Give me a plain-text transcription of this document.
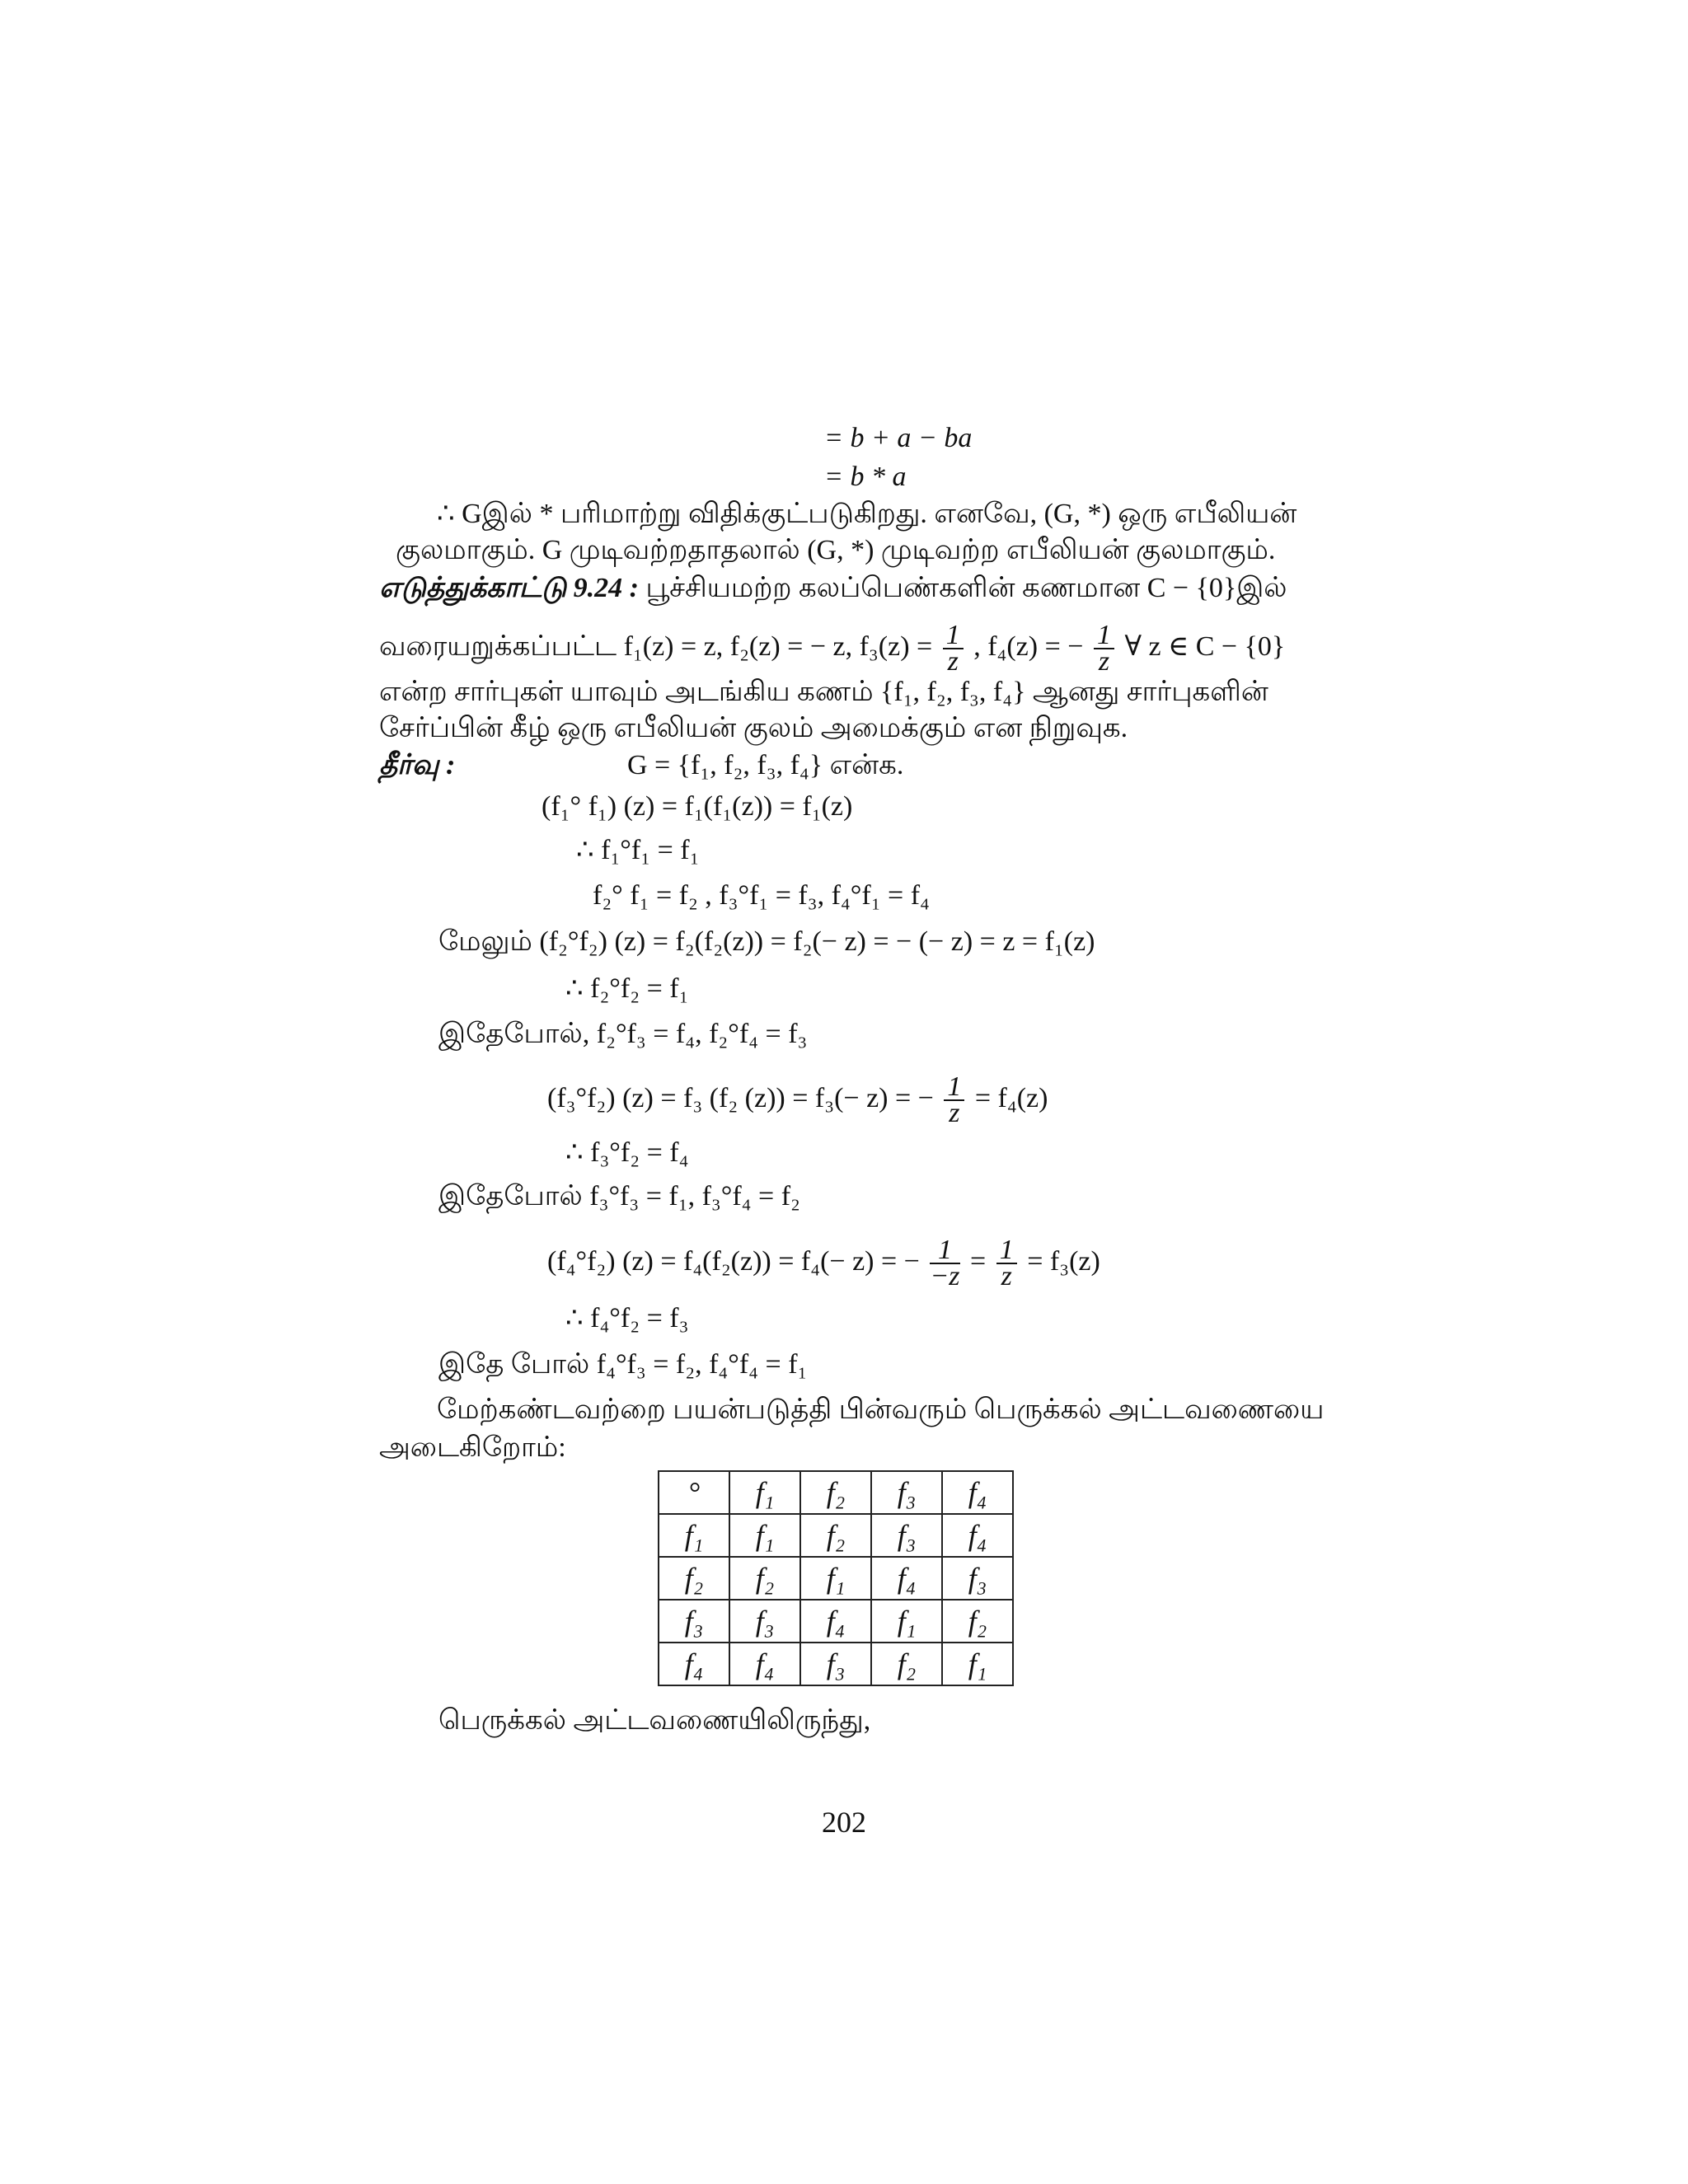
= b + a − ba
= b * a
∴ Gஇல் * பரிமாற்று விதிக்குட்படுகிறது. எனவே, (G, *) ஒரு எபீலியன்
குலமாகும். G முடிவற்றதாதலால் (G, *) முடிவற்ற எபீலியன் குலமாகும்.
எடுத்துக்காட்டு 9.24 : பூச்சியமற்ற கலப்பெண்களின் கணமான C − {0}இல்
வரையறுக்கப்பட்ட f₁(z) = z, f₂(z) = − z, $f_3(z) = \frac{1}{z}$ , f₄(z) = − $\frac{1}{z}$ ∀ z ∈ C − {0}
என்ற சார்புகள் யாவும் அடங்கிய கணம் {f₁, f₂, f₃, f₄} ஆனது சார்புகளின்
சேர்ப்பின் கீழ் ஒரு எபீலியன் குலம் அமைக்கும் என நிறுவுக.
தீர்வு :	G = {f₁, f₂, f₃, f₄} என்க.
(f₁° f₁) (z) = f₁(f₁(z)) = f₁(z)
∴ f₁°f₁ = f₁
f₂° f₁ = f₂ , f₃°f₁ = f₃, f₄°f₁ = f₄
மேலும் (f₂°f₂) (z) = f₂(f₂(z)) = f₂(− z) = − (− z) = z = f₁(z)
∴ f₂°f₂ = f₁
இதேபோல், f₂°f₃ = f₄, f₂°f₄ = f₃
(f₃°f₂) (z) = f₃ (f₂ (z)) = f₃(− z) = − $\frac{1}{z} = f_4(z)$
∴ f₃°f₂ = f₄
இதேபோல் f₃°f₃ = f₁, f₃°f₄ = f₂
(f₄°f₂) (z) = f₄(f₂(z)) = f₄(− z) = − $\frac{1}{-z} = \frac{1}{z} = f_3(z)$
∴ f₄°f₂ = f₃
இதே போல் f₄°f₃ = f₂, f₄°f₄ = f₁
மேற்கண்டவற்றை பயன்படுத்தி பின்வரும் பெருக்கல் அட்டவணையை
அடைகிறோம்:
°	f₁	f₂	f₃	f₄
f₁	f₁	f₂	f₃	f₄
f₂	f₂	f₁	f₄	f₃
f₃	f₃	f₄	f₁	f₂
f₄	f₄	f₃	f₂	f₁
பெருக்கல் அட்டவணையிலிருந்து,
202
